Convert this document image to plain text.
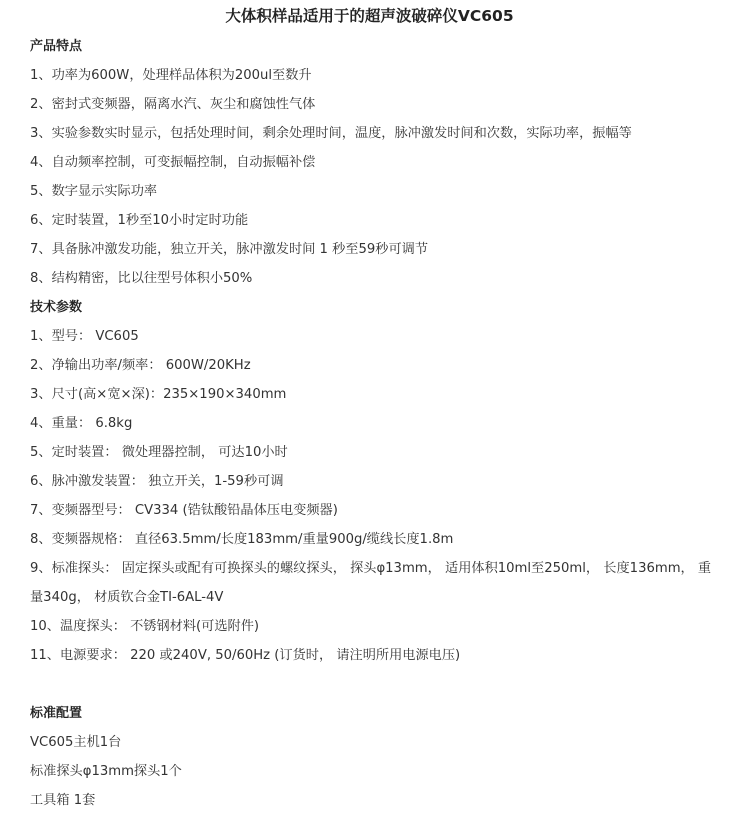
大体积样品适用于的超声波破碎仪VC605
产品特点
1、功率为600W，处理样品体积为200ul至数升
2、密封式变频器，隔离水汽、灰尘和腐蚀性气体
3、实验参数实时显示，包括处理时间，剩余处理时间，温度，脉冲激发时间和次数，实际功率，振幅等
4、自动频率控制，可变振幅控制，自动振幅补偿
5、数字显示实际功率
6、定时装置，1秒至10小时定时功能
7、具备脉冲激发功能，独立开关，脉冲激发时间 1 秒至59秒可调节
8、结构精密，比以往型号体积小50%
技术参数
1、型号： VC605
2、净输出功率/频率： 600W/20KHz
3、尺寸(高×宽×深)：235×190×340mm
4、重量： 6.8kg
5、定时装置： 微处理器控制， 可达10小时
6、脉冲激发装置： 独立开关，1-59秒可调
7、变频器型号： CV334 (锆钛酸铅晶体压电变频器)
8、变频器规格： 直径63.5mm/长度183mm/重量900g/缆线长度1.8m
9、标准探头： 固定探头或配有可换探头的螺纹探头， 探头φ13mm， 适用体积10ml至250ml， 长度136mm， 重量340g， 材质钦合金TI-6AL-4V
10、温度探头： 不锈钢材料(可选附件)
11、电源要求： 220 或240V, 50/60Hz (订货时， 请注明所用电源电压)
标准配置
VC605主机1台
标准探头φ13mm探头1个
工具箱 1套
